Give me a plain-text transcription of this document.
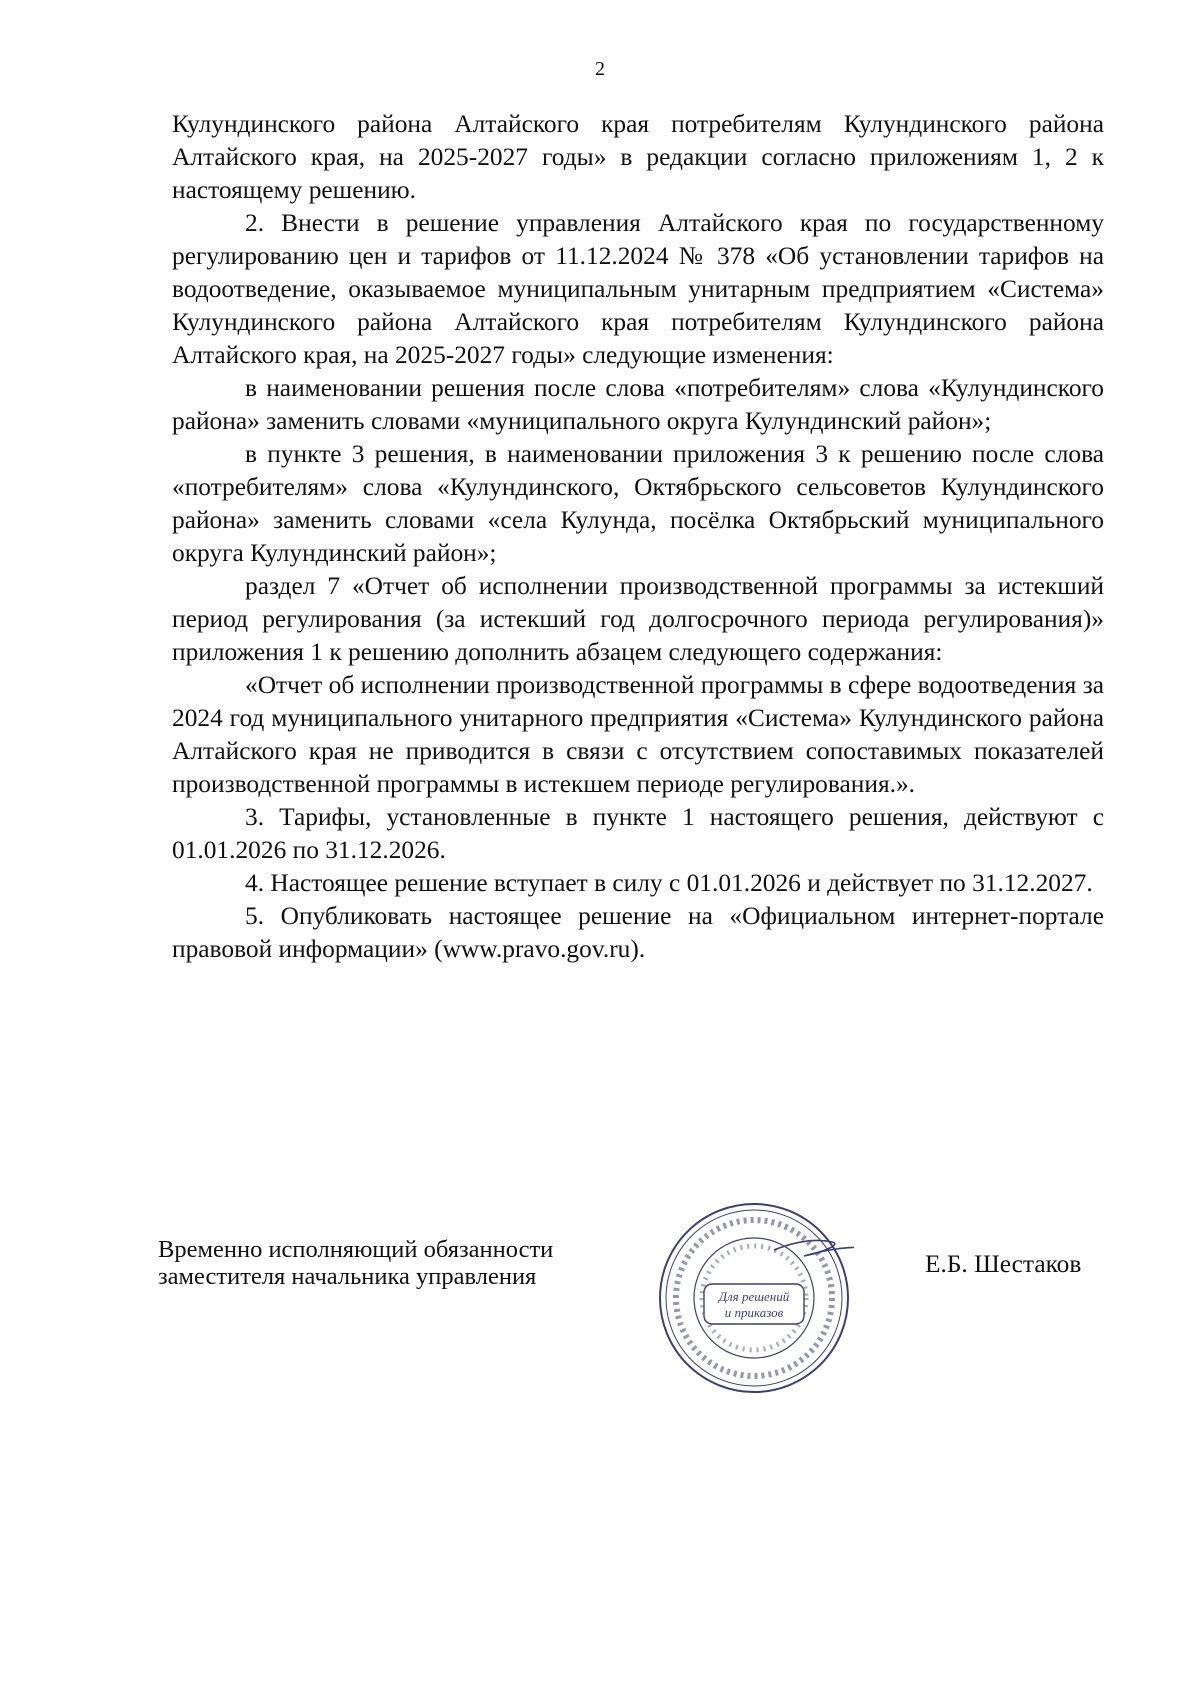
2

Кулундинского района Алтайского края потребителям Кулундинского района Алтайского края, на 2025-2027 годы» в редакции согласно приложениям 1, 2 к настоящему решению.

2. Внести в решение управления Алтайского края по государственному регулированию цен и тарифов от 11.12.2024 № 378 «Об установлении тарифов на водоотведение, оказываемое муниципальным унитарным предприятием «Система» Кулундинского района Алтайского края потребителям Кулундинского района Алтайского края, на 2025-2027 годы» следующие изменения:

в наименовании решения после слова «потребителям» слова «Кулундинского района» заменить словами «муниципального округа Кулундинский район»;

в пункте 3 решения, в наименовании приложения 3 к решению после слова «потребителям» слова «Кулундинского, Октябрьского сельсоветов Кулундинского района» заменить словами «села Кулунда, посёлка Октябрьский муниципального округа Кулундинский район»;

раздел 7 «Отчет об исполнении производственной программы за истекший период регулирования (за истекший год долгосрочного периода регулирования)» приложения 1 к решению дополнить абзацем следующего содержания:

«Отчет об исполнении производственной программы в сфере водоотведения за 2024 год муниципального унитарного предприятия «Система» Кулундинского района Алтайского края не приводится в связи с отсутствием сопоставимых показателей производственной программы в истекшем периоде регулирования.».

3. Тарифы, установленные в пункте 1 настоящего решения, действуют с 01.01.2026 по 31.12.2026.

4. Настоящее решение вступает в силу с 01.01.2026 и действует по 31.12.2027.

5. Опубликовать настоящее решение на «Официальном интернет-портале правовой информации» (www.pravo.gov.ru).

Временно исполняющий обязанности
заместителя начальника управления
Для решений
и приказов
Е.Б. Шестаков
